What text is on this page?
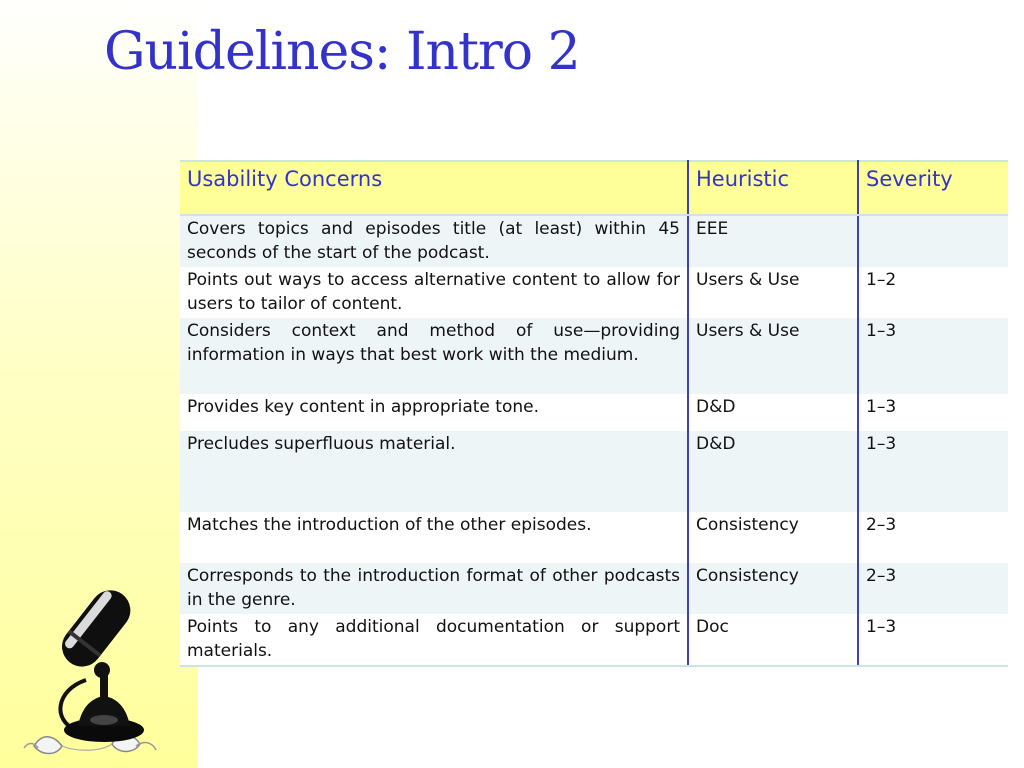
Guidelines: Intro 2
Usability Concerns	Heuristic	Severity
Covers topics and episodes title (at least) within 45 seconds of the start of the podcast.	EEE	
Points out ways to access alternative content to allow for users to tailor of content.	Users & Use	1–2
Considers context and method of use—providing information in ways that best work with the medium.	Users & Use	1–3
Provides key content in appropriate tone.	D&D	1–3
Precludes superfluous material.	D&D	1–3
Matches the introduction of the other episodes.	Consistency	2–3
Corresponds to the introduction format of other podcasts in the genre.	Consistency	2–3
Points to any additional documentation or support materials.	Doc	1–3
